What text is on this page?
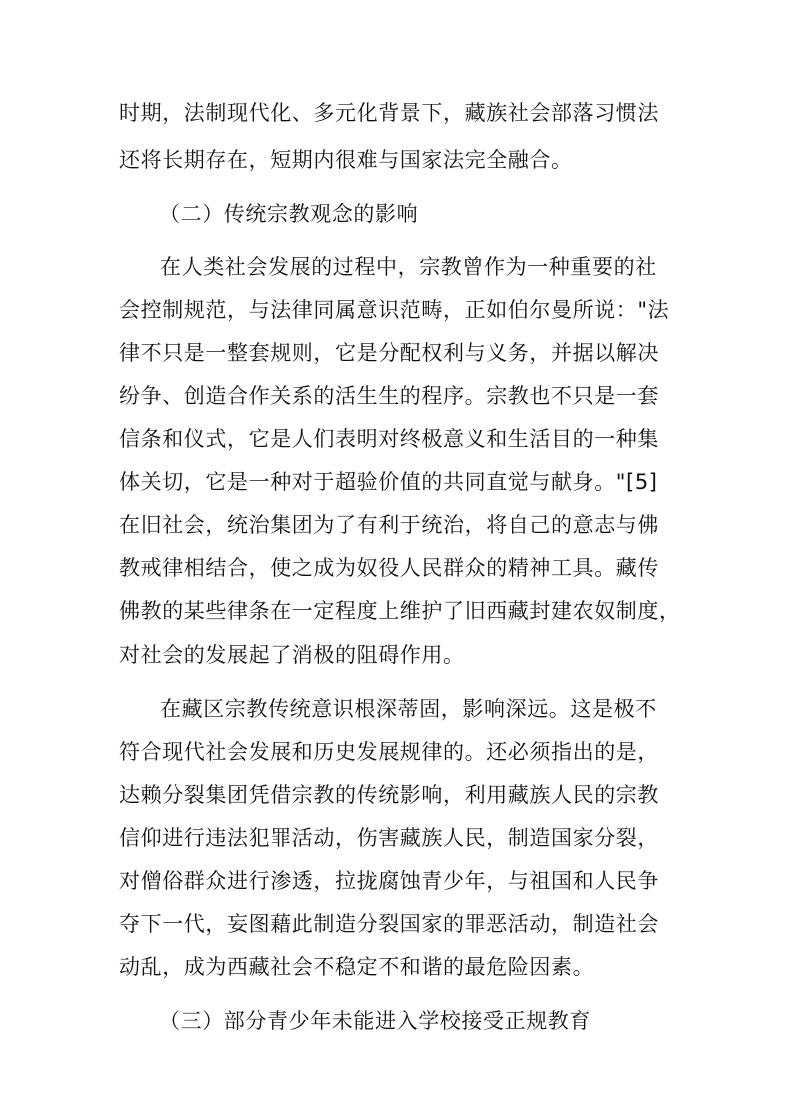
时期，法制现代化、多元化背景下，藏族社会部落习惯法
还将长期存在，短期内很难与国家法完全融合。
（二）传统宗教观念的影响
在人类社会发展的过程中，宗教曾作为一种重要的社
会控制规范，与法律同属意识范畴，正如伯尔曼所说："法
律不只是一整套规则，它是分配权利与义务，并据以解决
纷争、创造合作关系的活生生的程序。宗教也不只是一套
信条和仪式，它是人们表明对终极意义和生活目的一种集
体关切，它是一种对于超验价值的共同直觉与献身。"[5]
在旧社会，统治集团为了有利于统治，将自己的意志与佛
教戒律相结合，使之成为奴役人民群众的精神工具。藏传
佛教的某些律条在一定程度上维护了旧西藏封建农奴制度，
对社会的发展起了消极的阻碍作用。
在藏区宗教传统意识根深蒂固，影响深远。这是极不
符合现代社会发展和历史发展规律的。还必须指出的是，
达赖分裂集团凭借宗教的传统影响，利用藏族人民的宗教
信仰进行违法犯罪活动，伤害藏族人民，制造国家分裂，
对僧俗群众进行渗透，拉拢腐蚀青少年，与祖国和人民争
夺下一代，妄图藉此制造分裂国家的罪恶活动，制造社会
动乱，成为西藏社会不稳定不和谐的最危险因素。
（三）部分青少年未能进入学校接受正规教育
